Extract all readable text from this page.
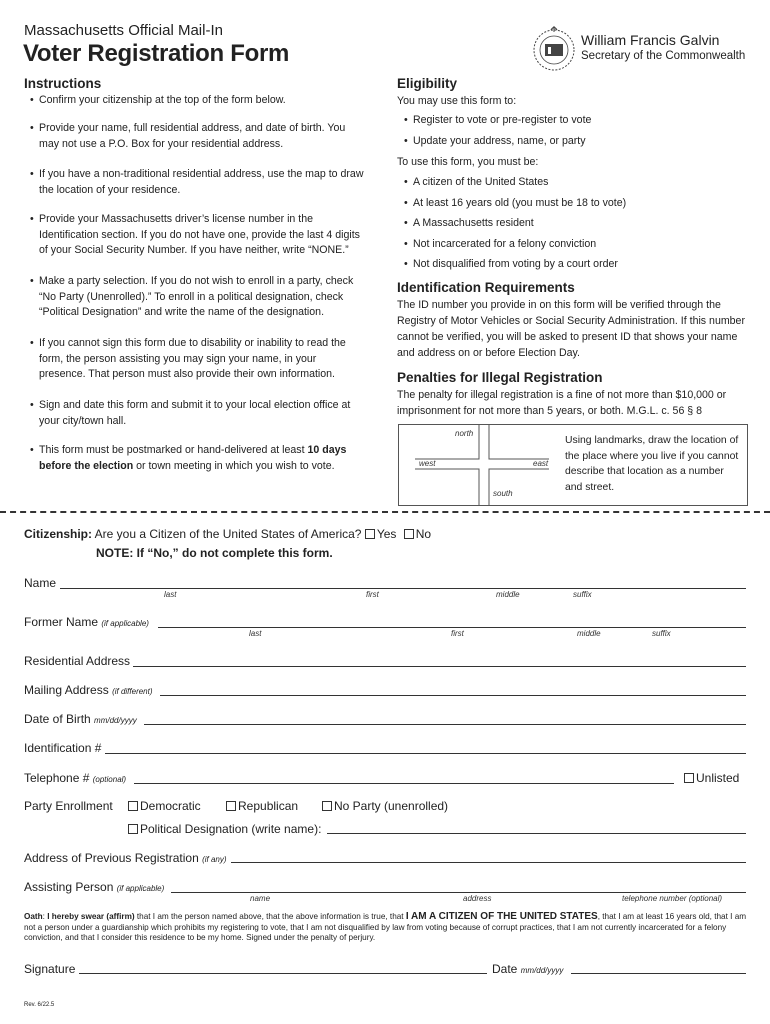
Massachusetts Official Mail-In
Voter Registration Form	William Francis Galvin
Secretary of the Commonwealth
Instructions
• Confirm your citizenship at the top of the form below.
• Provide your name, full residential address, and date of birth. You may not use a P.O. Box for your residential address.
• If you have a non-traditional residential address, use the map to draw the location of your residence.
• Provide your Massachusetts driver’s license number in the Identification section. If you do not have one, provide the last 4 digits of your Social Security Number. If you have neither, write “NONE.”
• Make a party selection. If you do not wish to enroll in a party, check “No Party (Unenrolled).” To enroll in a political designation, check “Political Designation” and write the name of the designation.
• If you cannot sign this form due to disability or inability to read the form, the person assisting you may sign your name, in your presence. That person must also provide their own information.
• Sign and date this form and submit it to your local election office at your city/town hall.
• This form must be postmarked or hand-delivered at least 10 days before the election or town meeting in which you wish to vote.
Eligibility
You may use this form to:
• Register to vote or pre-register to vote
• Update your address, name, or party
To use this form, you must be:
• A citizen of the United States
• At least 16 years old (you must be 18 to vote)
• A Massachusetts resident
• Not incarcerated for a felony conviction
• Not disqualified from voting by a court order
Identification Requirements
The ID number you provide in on this form will be verified through the Registry of Motor Vehicles or Social Security Administration. If this number cannot be verified, you will be asked to present ID that shows your name and address on or before Election Day.
Penalties for Illegal Registration
The penalty for illegal registration is a fine of not more than $10,000 or imprisonment for not more than 5 years, or both. M.G.L. c. 56 § 8
north
south
west	east
Using landmarks, draw the location of the place where you live if you cannot describe that location as a number and street.
Citizenship: Are you a Citizen of the United States of America? Yes No
NOTE: If “No,” do not complete this form.
Name
last	first	middle	suffix
Former Name (if applicable)
last	first	middle	suffix
Residential Address
Mailing Address (if different)
Date of Birth mm/dd/yyyy
Identification #
Telephone # (optional)	Unlisted
Party Enrollment	Democratic	Republican	No Party (unenrolled)
Political Designation (write name):
Address of Previous Registration (if any)
Assisting Person (if applicable)
name	address	telephone number (optional)
Oath: I hereby swear (affirm) that I am the person named above, that the above information is true, that I AM A CITIZEN OF THE UNITED STATES, that I am at least 16 years old, that I am not a person under a guardianship which prohibits my registering to vote, that I am not disqualified by law from voting because of corrupt practices, that I am not currently incarcerated for a felony conviction, and that I consider this residence to be my home. Signed under the penalty of perjury.
Signature	Date mm/dd/yyyy
Rev. 6/22.5
